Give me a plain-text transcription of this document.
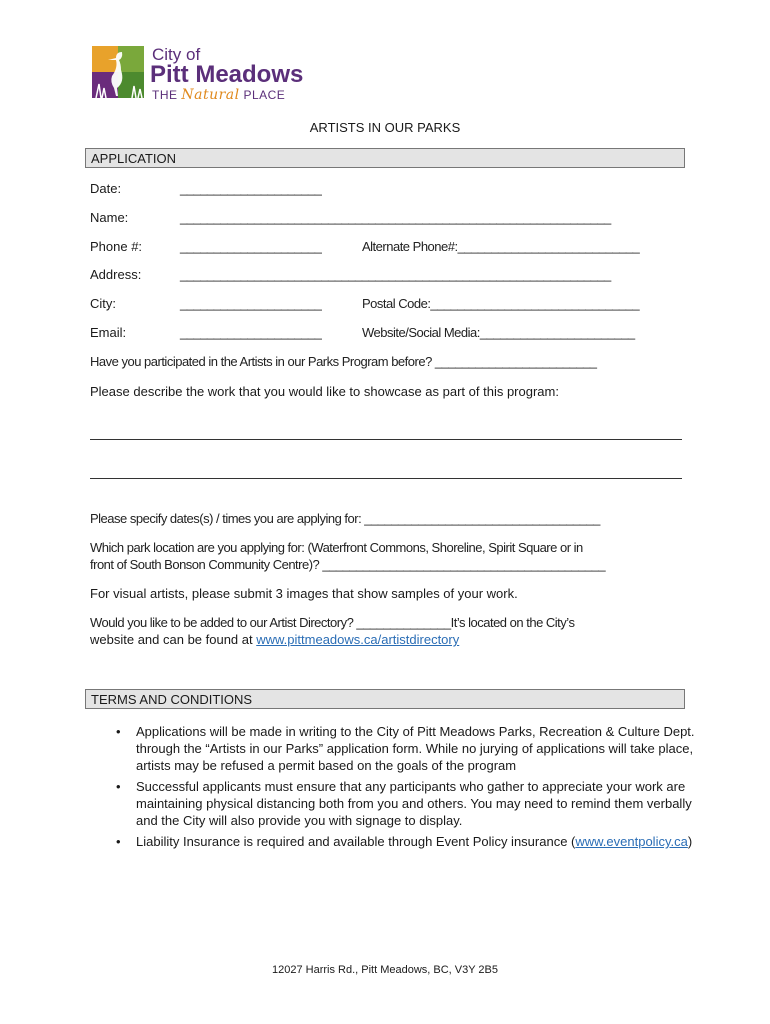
City of
Pitt Meadows
THE Natural PLACE
ARTISTS IN OUR PARKS
APPLICATION
Date:	_____________________
Name:	________________________________________________________________
Phone #:	_____________________	Alternate Phone#:___________________________
Address:	________________________________________________________________
City:	_____________________	Postal Code:_______________________________
Email:	_____________________	Website/Social Media:_______________________
Have you participated in the Artists in our Parks Program before? ________________________
Please describe the work that you would like to showcase as part of this program:
Please specify dates(s) / times you are applying for: ___________________________________
Which park location are you applying for: (Waterfront Commons, Shoreline, Spirit Square or in
front of South Bonson Community Centre)? __________________________________________
For visual artists, please submit 3 images that show samples of your work.
Would you like to be added to our Artist Directory? ______________It’s located on the City’s
website and can be found at www.pittmeadows.ca/artistdirectory
TERMS AND CONDITIONS
• Applications will be made in writing to the City of Pitt Meadows Parks, Recreation & Culture Dept. through the “Artists in our Parks” application form. While no jurying of applications will take place, artists may be refused a permit based on the goals of the program
• Successful applicants must ensure that any participants who gather to appreciate your work are maintaining physical distancing both from you and others. You may need to remind them verbally and the City will also provide you with signage to display.
• Liability Insurance is required and available through Event Policy insurance (www.eventpolicy.ca)
12027 Harris Rd., Pitt Meadows, BC, V3Y 2B5
